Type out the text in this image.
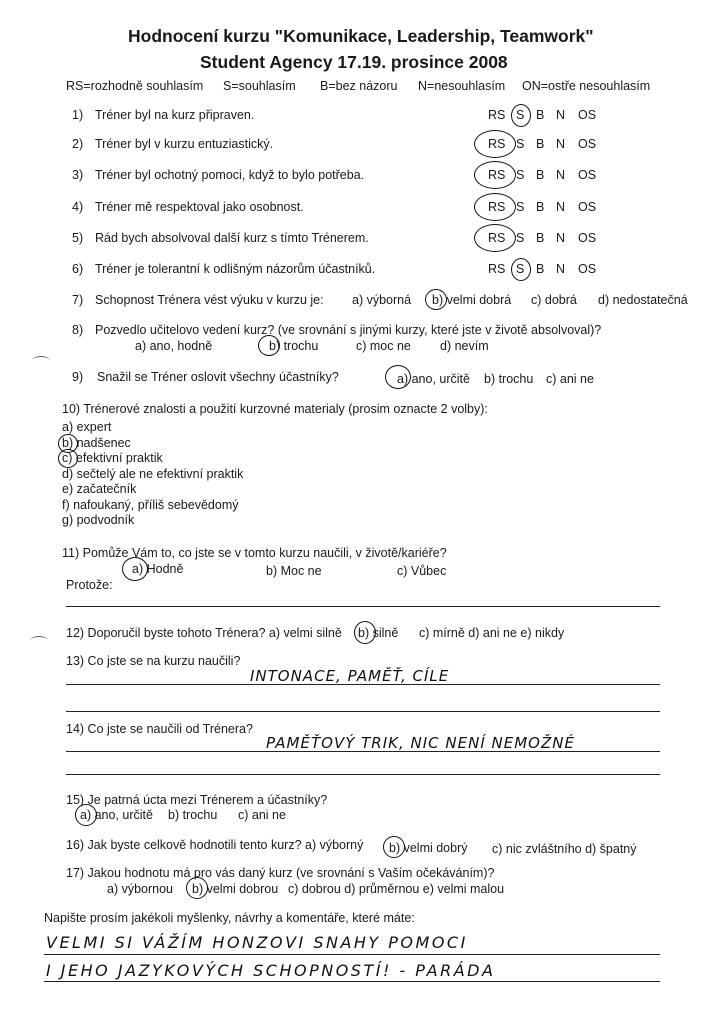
Hodnocení kurzu "Komunikace, Leadership, Teamwork"
Student Agency 17.19. prosince 2008
RS=rozhodně souhlasím S=souhlasím B=bez názoru N=nesouhlasím ON=ostře nesouhlasím
1) Tréner byl na kurz připraven.	RS S B N OS
2) Tréner byl v kurzu entuziastický.	RS S B N OS
3) Tréner byl ochotný pomoci, když to bylo potřeba.	RS S B N OS
4) Tréner mě respektoval jako osobnost.	RS S B N OS
5) Rád bych absolvoval další kurz s tímto Trénerem.	RS S B N OS
6) Tréner je tolerantní k odlišným názorům účastníků.	RS S B N OS
7) Schopnost Trénera vést výuku v kurzu je: a) výborná b) velmi dobrá c) dobrá d) nedostatečná
8) Pozvedlo učitelovo vedení kurz? (ve srovnání s jinými kurzy, které jste v životě absolvoval)?
a) ano, hodně	b) trochu	c) moc ne d) nevím
9) Snažil se Tréner oslovit všechny účastníky?	a) ano, určitě b) trochu c) ani ne
10) Trénerové znalosti a použití kurzovné materialy (prosim oznacte 2 volby):
a) expert
b) nadšenec
c) efektivní praktik
d) sečtelý ale ne efektivní praktik
e) začatečník
f) nafoukaný, příliš sebevědomý
g) podvodník
11) Pomůže Vám to, co jste se v tomto kurzu naučili, v životě/kariéře?
a) Hodně	b) Moc ne	c) Vůbec
Protože:
12) Doporučil byste tohoto Trénera? a) velmi silně b) silně c) mírně d) ani ne e) nikdy
13) Co jste se na kurzu naučili?
INTONACE, PAMĚŤ, CÍLE
14) Co jste se naučili od Trénera?
PAMĚŤOVÝ TRIK, NIC NENÍ NEMOŽNÉ
15) Je patrná úcta mezi Trénerem a účastníky?
a) ano, určitě b) trochu c) ani ne
16) Jak byste celkově hodnotili tento kurz? a) výborný b) velmi dobrý c) nic zvláštního d) špatný
17) Jakou hodnotu má pro vás daný kurz (ve srovnání s Vaším očekáváním)?
a) výbornou b) velmi dobrou c) dobrou d) průměrnou e) velmi malou
Napište prosím jakékoli myšlenky, návrhy a komentáře, které máte:
VELMI SI VÁŽÍM HONZOVI SNAHY POMOCI
I JEHO JAZYKOVÝCH SCHOPNOSTÍ! - PARÁDA
